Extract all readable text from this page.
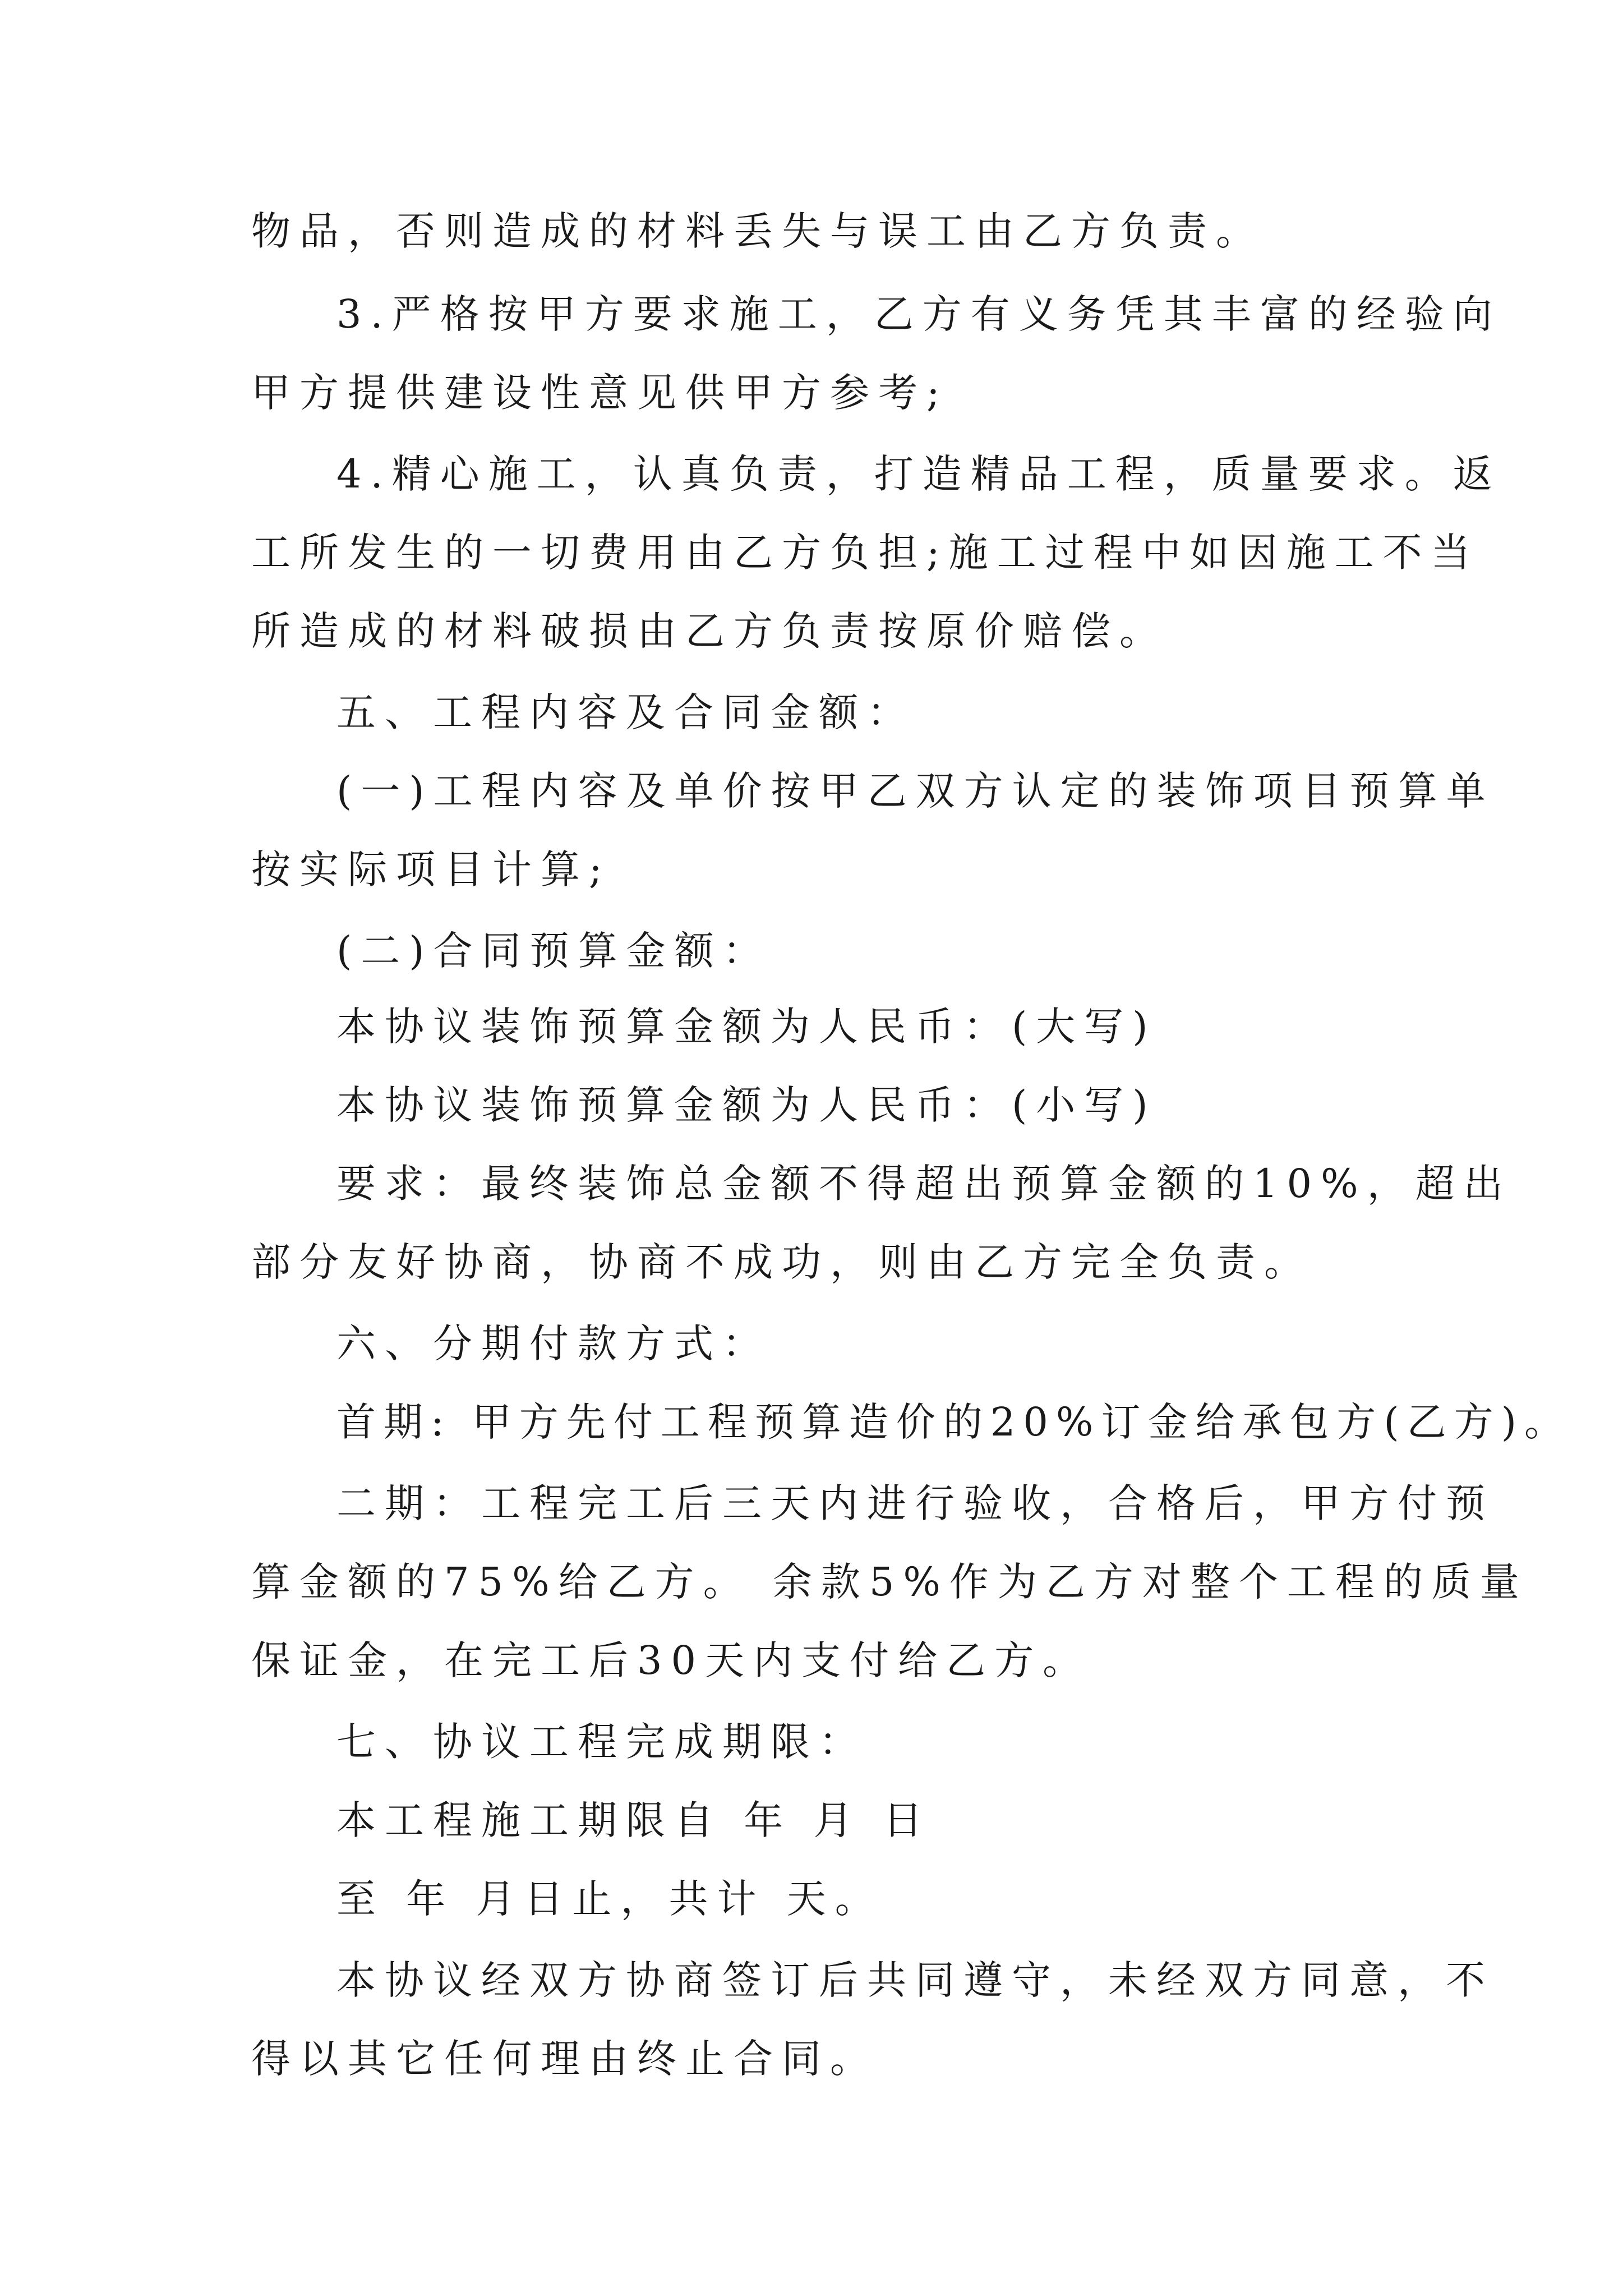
物品，否则造成的材料丢失与误工由乙方负责。

3.严格按甲方要求施工，乙方有义务凭其丰富的经验向

甲方提供建设性意见供甲方参考;

4.精心施工，认真负责，打造精品工程，质量要求。返

工所发生的一切费用由乙方负担;施工过程中如因施工不当

所造成的材料破损由乙方负责按原价赔偿。

五、工程内容及合同金额：

(一)工程内容及单价按甲乙双方认定的装饰项目预算单

按实际项目计算;

(二)合同预算金额：

本协议装饰预算金额为人民币：(大写)

本协议装饰预算金额为人民币：(小写)

要求：最终装饰总金额不得超出预算金额的10%，超出

部分友好协商，协商不成功，则由乙方完全负责。

六、分期付款方式：

首期: 甲方先付工程预算造价的20%订金给承包方(乙方)。

二期：工程完工后三天内进行验收，合格后，甲方付预

算金额的75%给乙方。 余款5%作为乙方对整个工程的质量

保证金，在完工后30天内支付给乙方。

七、协议工程完成期限：

本工程施工期限自 年 月 日

至 年 月日止，共计 天。

本协议经双方协商签订后共同遵守，未经双方同意，不

得以其它任何理由终止合同。
